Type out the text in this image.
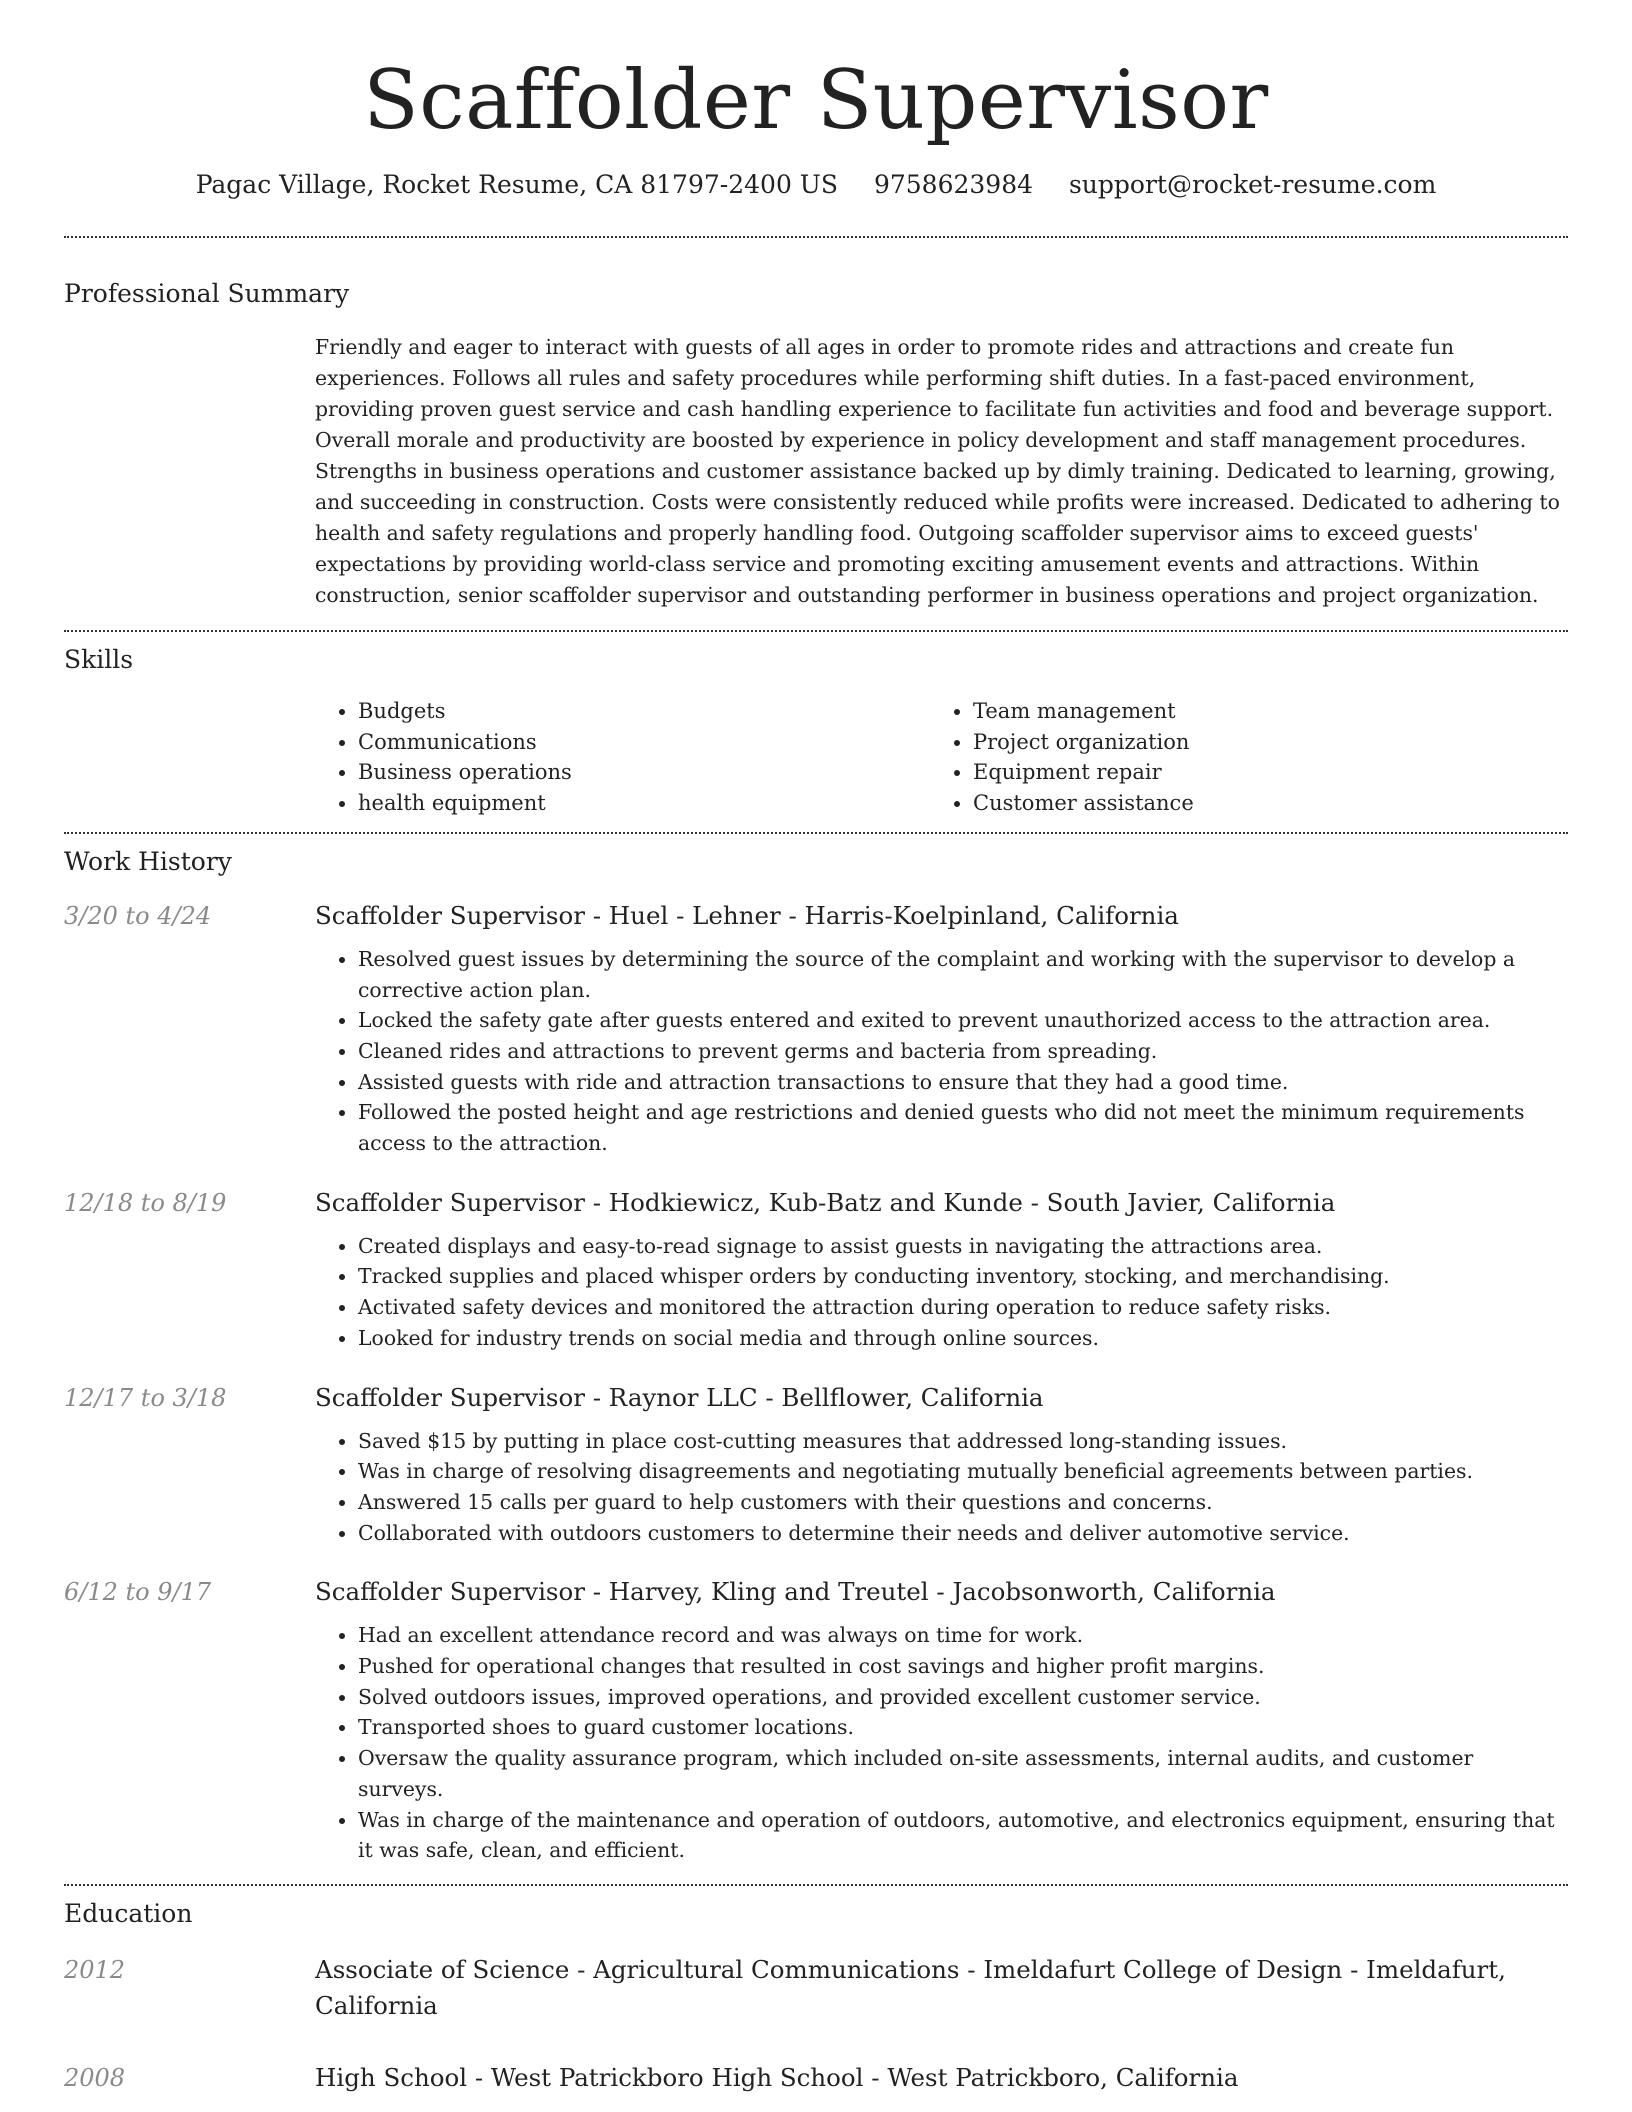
Scaffolder Supervisor
Pagac Village, Rocket Resume, CA 81797-2400 US 9758623984 support@rocket-resume.com
Professional Summary

Friendly and eager to interact with guests of all ages in order to promote rides and attractions and create fun experiences. Follows all rules and safety procedures while performing shift duties. In a fast-paced environment, providing proven guest service and cash handling experience to facilitate fun activities and food and beverage support. Overall morale and productivity are boosted by experience in policy development and staff management procedures. Strengths in business operations and customer assistance backed up by dimly training. Dedicated to learning, growing, and succeeding in construction. Costs were consistently reduced while profits were increased. Dedicated to adhering to health and safety regulations and properly handling food. Outgoing scaffolder supervisor aims to exceed guests' expectations by providing world-class service and promoting exciting amusement events and attractions. Within construction, senior scaffolder supervisor and outstanding performer in business operations and project organization.

Skills
• Budgets
• Communications
• Business operations
• health equipment
• Team management
• Project organization
• Equipment repair
• Customer assistance
Work History
3/20 to 4/24	Scaffolder Supervisor - Huel - Lehner - Harris-Koelpinland, California
• Resolved guest issues by determining the source of the complaint and working with the supervisor to develop a corrective action plan.
• Locked the safety gate after guests entered and exited to prevent unauthorized access to the attraction area.
• Cleaned rides and attractions to prevent germs and bacteria from spreading.
• Assisted guests with ride and attraction transactions to ensure that they had a good time.
• Followed the posted height and age restrictions and denied guests who did not meet the minimum requirements access to the attraction.
12/18 to 8/19	Scaffolder Supervisor - Hodkiewicz, Kub-Batz and Kunde - South Javier, California
• Created displays and easy-to-read signage to assist guests in navigating the attractions area.
• Tracked supplies and placed whisper orders by conducting inventory, stocking, and merchandising.
• Activated safety devices and monitored the attraction during operation to reduce safety risks.
• Looked for industry trends on social media and through online sources.
12/17 to 3/18	Scaffolder Supervisor - Raynor LLC - Bellflower, California
• Saved $15 by putting in place cost-cutting measures that addressed long-standing issues.
• Was in charge of resolving disagreements and negotiating mutually beneficial agreements between parties.
• Answered 15 calls per guard to help customers with their questions and concerns.
• Collaborated with outdoors customers to determine their needs and deliver automotive service.
6/12 to 9/17	Scaffolder Supervisor - Harvey, Kling and Treutel - Jacobsonworth, California
• Had an excellent attendance record and was always on time for work.
• Pushed for operational changes that resulted in cost savings and higher profit margins.
• Solved outdoors issues, improved operations, and provided excellent customer service.
• Transported shoes to guard customer locations.
• Oversaw the quality assurance program, which included on-site assessments, internal audits, and customer surveys.
• Was in charge of the maintenance and operation of outdoors, automotive, and electronics equipment, ensuring that it was safe, clean, and efficient.
Education
2012	Associate of Science - Agricultural Communications - Imeldafurt College of Design - Imeldafurt, California
2008	High School - West Patrickboro High School - West Patrickboro, California
